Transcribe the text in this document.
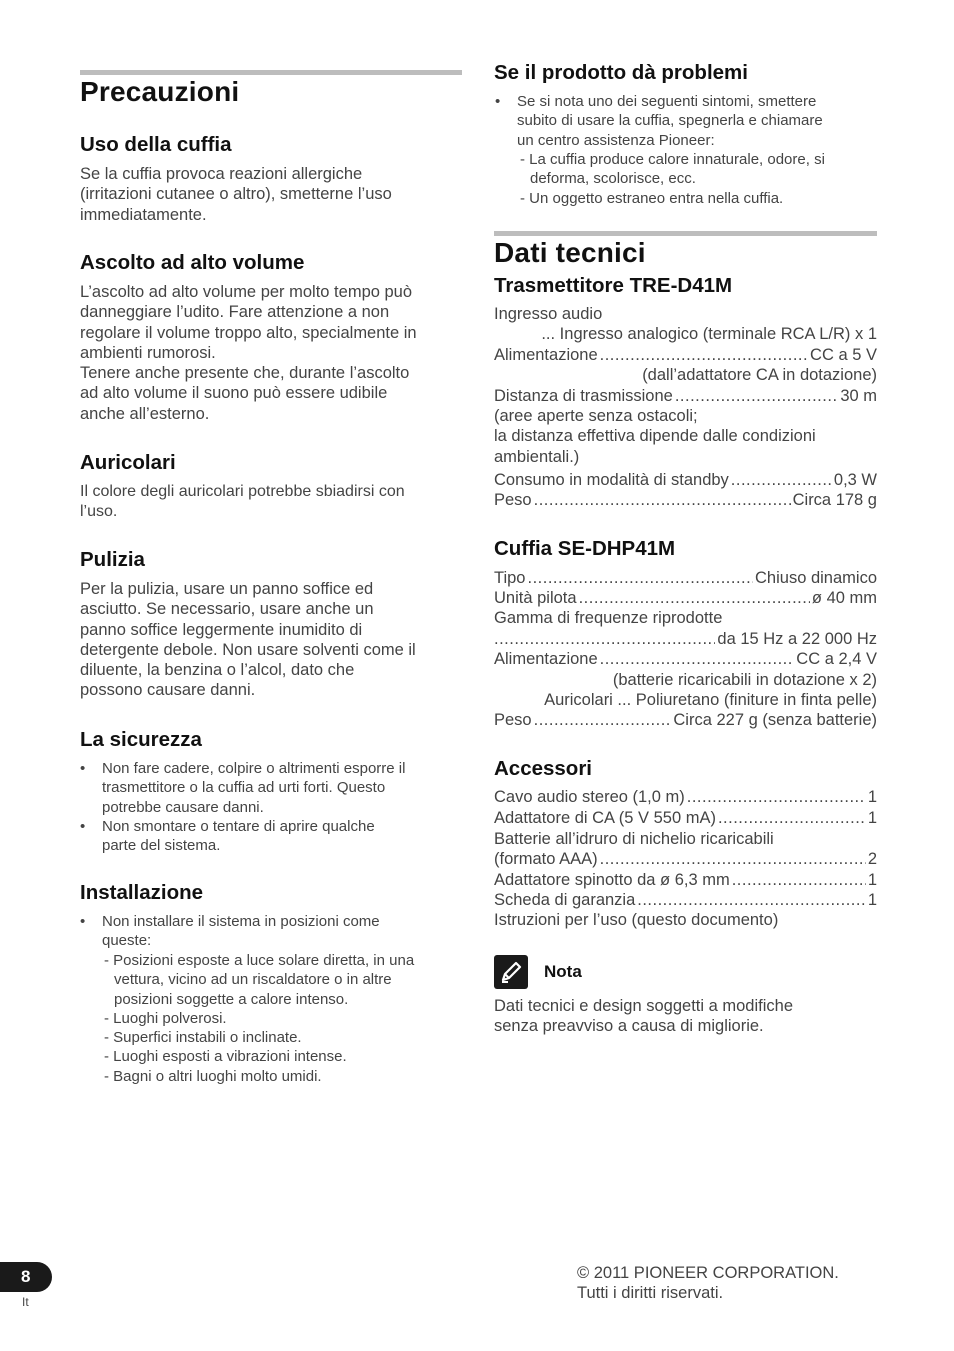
Precauzioni
Uso della cuffia
Se la cuffia provoca reazioni allergiche
(irritazioni cutanee o altro), smetterne l’uso
immediatamente.
Ascolto ad alto volume
L’ascolto ad alto volume per molto tempo può
danneggiare l’udito. Fare attenzione a non
regolare il volume troppo alto, specialmente in
ambienti rumorosi.
Tenere anche presente che, durante l’ascolto
ad alto volume il suono può essere udibile
anche all’esterno.
Auricolari
Il colore degli auricolari potrebbe sbiadirsi con
l’uso.
Pulizia
Per la pulizia, usare un panno soffice ed
asciutto. Se necessario, usare anche un
panno soffice leggermente inumidito di
detergente debole. Non usare solventi come il
diluente, la benzina o l’alcol, dato che
possono causare danni.
La sicurezza
• Non fare cadere, colpire o altrimenti esporre il
trasmettitore o la cuffia ad urti forti. Questo
potrebbe causare danni.
• Non smontare o tentare di aprire qualche
parte del sistema.
Installazione
• Non installare il sistema in posizioni come
queste:
- Posizioni esposte a luce solare diretta, in una
vettura, vicino ad un riscaldatore o in altre
posizioni soggette a calore intenso.
- Luoghi polverosi.
- Superfici instabili o inclinate.
- Luoghi esposti a vibrazioni intense.
- Bagni o altri luoghi molto umidi.
Se il prodotto dà problemi
• Se si nota uno dei seguenti sintomi, smettere
subito di usare la cuffia, spegnerla e chiamare
un centro assistenza Pioneer:
- La cuffia produce calore innaturale, odore, si
deforma, scolorisce, ecc.
- Un oggetto estraneo entra nella cuffia.
Dati tecnici
Trasmettitore TRE-D41M
Ingresso audio
... Ingresso analogico (terminale RCA L/R) x 1
Alimentazione .....	CC a 5 V
(dall’adattatore CA in dotazione)
Distanza di trasmissione .....	30 m
(aree aperte senza ostacoli;
la distanza effettiva dipende dalle condizioni
ambientali.)
Consumo in modalità di standby .....	0,3 W
Peso .....	Circa 178 g
Cuffia SE-DHP41M
Tipo .....	Chiuso dinamico
Unità pilota .....	ø 40 mm
Gamma di frequenze riprodotte
.....
da 15 Hz a 22 000 Hz
Alimentazione .....	CC a 2,4 V
(batterie ricaricabili in dotazione x 2)
Auricolari ... Poliuretano (finiture in finta pelle)
Peso .....	Circa 227 g (senza batterie)
Accessori
Cavo audio stereo (1,0 m) .....	1
Adattatore di CA (5 V 550 mA) .....	1
Batterie all’idruro di nichelio ricaricabili
(formato AAA) .....	2
Adattatore spinotto da ø 6,3 mm .....	1
Scheda di garanzia .....	1
Istruzioni per l’uso (questo documento)

Nota

Dati tecnici e design soggetti a modifiche
senza preavviso a causa di migliorie.

8

It

© 2011 PIONEER CORPORATION.
Tutti i diritti riservati.
